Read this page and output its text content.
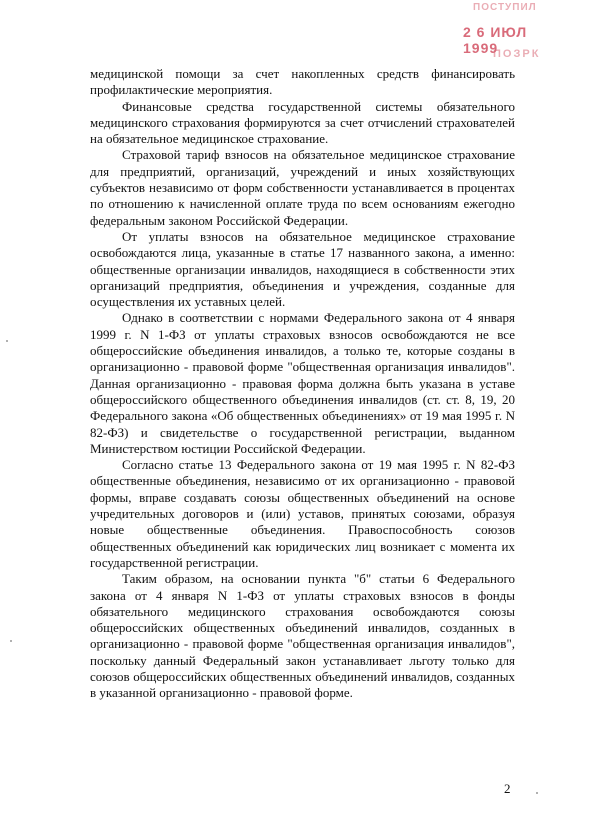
ПОСТУПИЛ
2 6 ИЮЛ 1999
ПОЗРК

медицинской помощи за счет накопленных средств финансировать профилактические мероприятия.

Финансовые средства государственной системы обязательного медицинского страхования формируются за счет отчислений страхователей на обязательное медицинское страхование.

Страховой тариф взносов на обязательное медицинское страхование для предприятий, организаций, учреждений и иных хозяйствующих субъектов независимо от форм собственности устанавливается в процентах по отношению к начисленной оплате труда по всем основаниям ежегодно федеральным законом Российской Федерации.

От уплаты взносов на обязательное медицинское страхование освобождаются лица, указанные в статье 17 названного закона, а именно: общественные организации инвалидов, находящиеся в собственности этих организаций предприятия, объединения и учреждения, созданные для осуществления их уставных целей.

Однако в соответствии с нормами Федерального закона от 4 января 1999 г. N 1-ФЗ от уплаты страховых взносов освобождаются не все общероссийские объединения инвалидов, а только те, которые созданы в организационно - правовой форме "общественная организация инвалидов". Данная организационно - правовая форма должна быть указана в уставе общероссийского общественного объединения инвалидов (ст. ст. 8, 19, 20 Федерального закона «Об общественных объединениях» от 19 мая 1995 г. N 82-ФЗ) и свидетельстве о государственной регистрации, выданном Министерством юстиции Российской Федерации.

Согласно статье 13 Федерального закона от 19 мая 1995 г. N 82-ФЗ общественные объединения, независимо от их организационно - правовой формы, вправе создавать союзы общественных объединений на основе учредительных договоров и (или) уставов, принятых союзами, образуя новые общественные объединения. Правоспособность союзов общественных объединений как юридических лиц возникает с момента их государственной регистрации.

Таким образом, на основании пункта "б" статьи 6 Федерального закона от 4 января N 1-ФЗ от уплаты страховых взносов в фонды обязательного медицинского страхования освобождаются союзы общероссийских общественных объединений инвалидов, созданных в организационно - правовой форме "общественная организация инвалидов", поскольку данный Федеральный закон устанавливает льготу только для союзов общероссийских общественных объединений инвалидов, созданных в указанной организационно - правовой форме.

2
